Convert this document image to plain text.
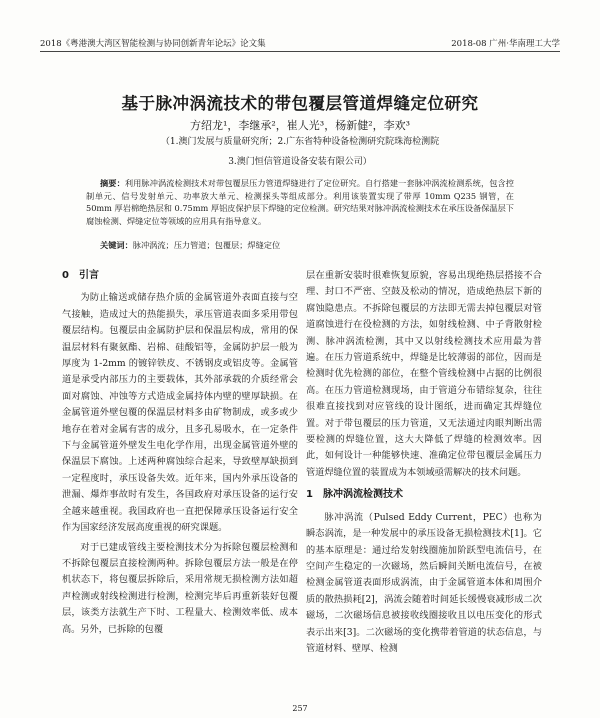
2018《粤港澳大湾区智能检测与协同创新青年论坛》论文集	2018-08 广州·华南理工大学
基于脉冲涡流技术的带包覆层管道焊缝定位研究
方绍龙¹，李继承²，崔人光³，杨新健²，李欢³
（1.澳门发展与质量研究所；2.广东省特种设备检测研究院珠海检测院
3.澳门恒信管道设备安装有限公司）
摘要：利用脉冲涡流检测技术对带包覆层压力管道焊缝进行了定位研究。自行搭建一套脉冲涡流检测系统，包含控制单元、信号发射单元、功率放大单元、检测探头等组成部分。利用该装置实现了带厚 10mm Q235 钢管，在 50mm 厚岩棉绝热层和 0.75mm 厚铝皮保护层下焊缝的定位检测。研究结果对脉冲涡流检测技术在承压设备保温层下腐蚀检测、焊缝定位等领域的应用具有指导意义。
关键词：脉冲涡流；压力管道；包覆层；焊缝定位
0　引言

为防止输送或储存热介质的金属管道外表面直接与空气接触，造成过大的热能损失，承压管道表面多采用带包覆层结构。包覆层由金属防护层和保温层构成，常用的保温层材料有聚氨酯、岩棉、硅酸铝等，金属防护层一般为厚度为 1-2mm 的镀锌铁皮、不锈钢皮或铝皮等。金属管道是承受内部压力的主要载体，其外部承载的介质经常会面对腐蚀、冲蚀等方式造成金属持体内壁的壁厚缺损。在金属管道外壁包覆的保温层材料多由矿物制成，或多或少地存在着对金属有害的成分，且多孔易吸水，在一定条件下与金属管道外壁发生电化学作用，出现金属管道外壁的保温层下腐蚀。上述两种腐蚀综合起来，导致壁厚缺损到一定程度时，承压设备失效。近年来，国内外承压设备的泄漏、爆炸事故时有发生，各国政府对承压设备的运行安全越来越重视。我国政府也一直把保障承压设备运行安全作为国家经济发展高度重视的研究课题。

对于已建成管线主要检测技术分为拆除包覆层检测和不拆除包覆层直接检测两种。拆除包覆层方法一般是在停机状态下，将包覆层拆除后，采用常规无损检测方法如超声检测或射线检测进行检测，检测完毕后再重新装好包覆层，该类方法就生产下时、工程量大、检测效率低、成本高。另外，已拆除的包覆

层在重新安装时很难恢复原貌，容易出现绝热层搭接不合理、封口不严密、空鼓及松动的情况，造成绝热层下新的腐蚀隐患点。不拆除包覆层的方法即无需去掉包覆层对管道腐蚀进行在役检测的方法，如射线检测、中子背散射检测、脉冲涡流检测，其中又以射线检测技术应用最为普遍。在压力管道系统中，焊缝是比较薄弱的部位，因而是检测时优先检测的部位，在整个管线检测中占据的比例很高。在压力管道检测现场，由于管道分布错综复杂，往往很难直接找到对应管线的设计图纸，进而确定其焊缝位置。对于带包覆层的压力管道，又无法通过肉眼判断出需要检测的焊缝位置，这大大降低了焊缝的检测效率。因此，如何设计一种能够快速、准确定位带包覆层金属压力管道焊缝位置的装置成为本领域亟需解决的技术问题。

1　脉冲涡流检测技术

脉冲涡流（Pulsed Eddy Current，PEC）也称为瞬态涡流，是一种发展中的承压设备无损检测技术[1]。它的基本原理是：通过给发射线圈施加阶跃型电流信号，在空间产生稳定的一次磁场，然后瞬间关断电流信号，在被检测金属管道表面形成涡流，由于金属管道本体和周围介质的散热损耗[2]，涡流会随着时间延长缓慢衰减形成二次磁场，二次磁场信息被接收线圈接收且以电压变化的形式表示出来[3]。二次磁场的变化携带着管道的状态信息，与管道材料、壁厚、检测

257
